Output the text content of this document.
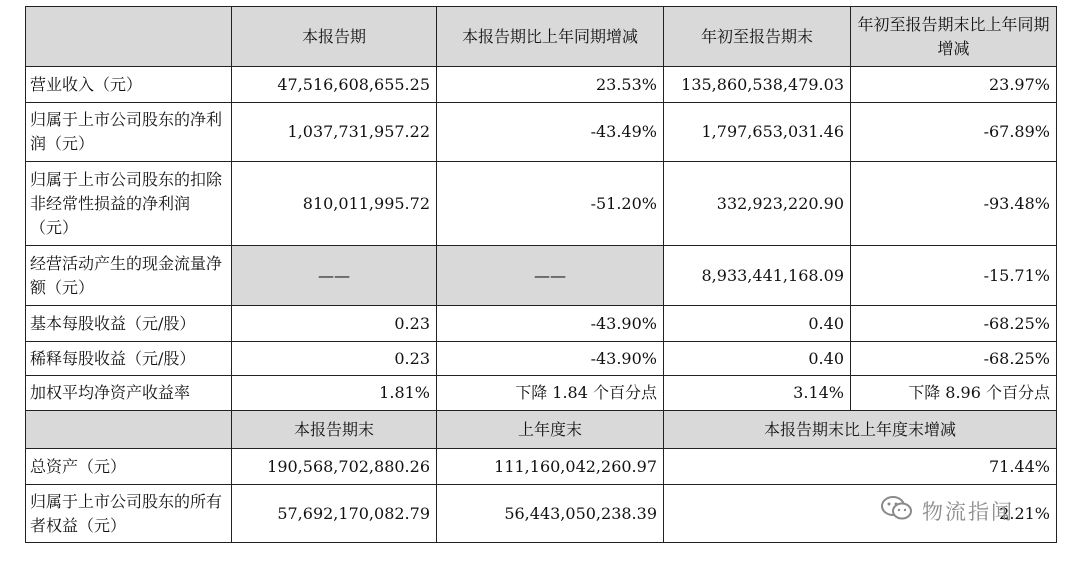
	本报告期	本报告期比上年同期增减	年初至报告期末	年初至报告期末比上年同期增减
营业收入（元）	47,516,608,655.25	23.53%	135,860,538,479.03	23.97%
归属于上市公司股东的净利润（元）	1,037,731,957.22	-43.49%	1,797,653,031.46	-67.89%
归属于上市公司股东的扣除非经常性损益的净利润（元）	810,011,995.72	-51.20%	332,923,220.90	-93.48%
经营活动产生的现金流量净额（元）	——	——	8,933,441,168.09	-15.71%
基本每股收益（元/股）	0.23	-43.90%	0.40	-68.25%
稀释每股收益（元/股）	0.23	-43.90%	0.40	-68.25%
加权平均净资产收益率	1.81%	下降 1.84 个百分点	3.14%	下降 8.96 个百分点
	本报告期末	上年度末	本报告期末比上年度末增减	
总资产（元）	190,568,702,880.26	111,160,042,260.97	71.44%	
归属于上市公司股东的所有者权益（元）	57,692,170,082.79	56,443,050,238.39	2.21%	
物流指闻
